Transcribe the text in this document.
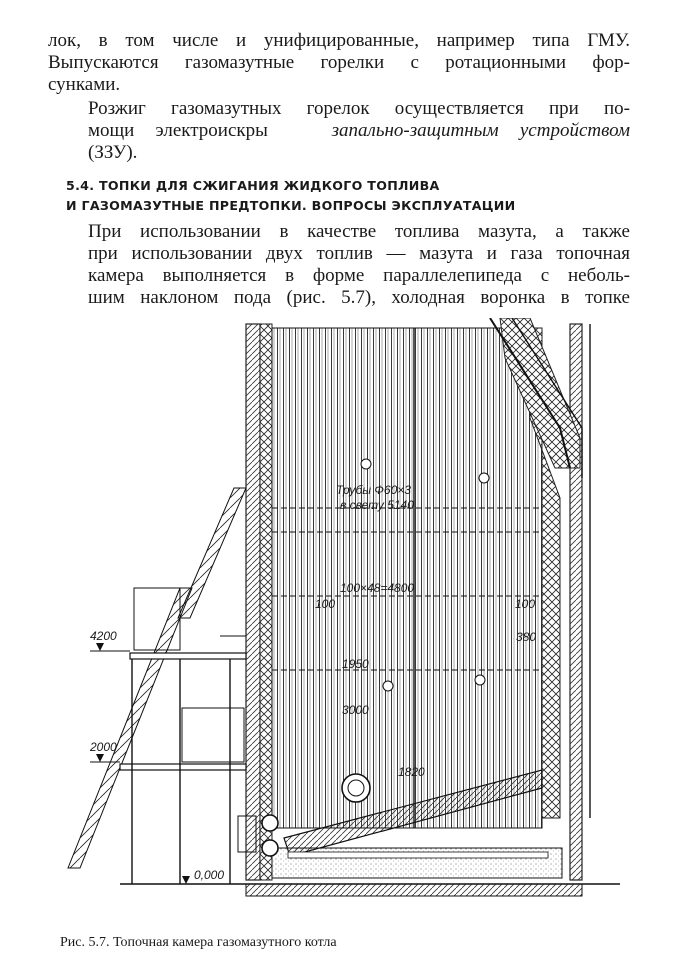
лок, в том числе и унифицированные, например типа ГМУ.
Выпускаются газомазутные горелки с ротационными фор-
сунками.
Розжиг газомазутных горелок осуществляется при по-
мощи электроискры	запально-защитным устройством
(ЗЗУ).
5.4. ТОПКИ ДЛЯ СЖИГАНИЯ ЖИДКОГО ТОПЛИВА
И ГАЗОМАЗУТНЫЕ ПРЕДТОПКИ. ВОПРОСЫ ЭКСПЛУАТАЦИИ
При использовании в качестве топлива мазута, а также
при использовании двух топлив — мазута и газа топочная
камера выполняется в форме параллелепипеда с неболь-
шим наклоном пода (рис. 5.7), холодная воронка в топке
Трубы Ф60×3
в свету 5140
100×48=4800
100	100
380
1950
3000
1820
4200
2000
0,000
Рис. 5.7. Топочная камера газомазутного котла
